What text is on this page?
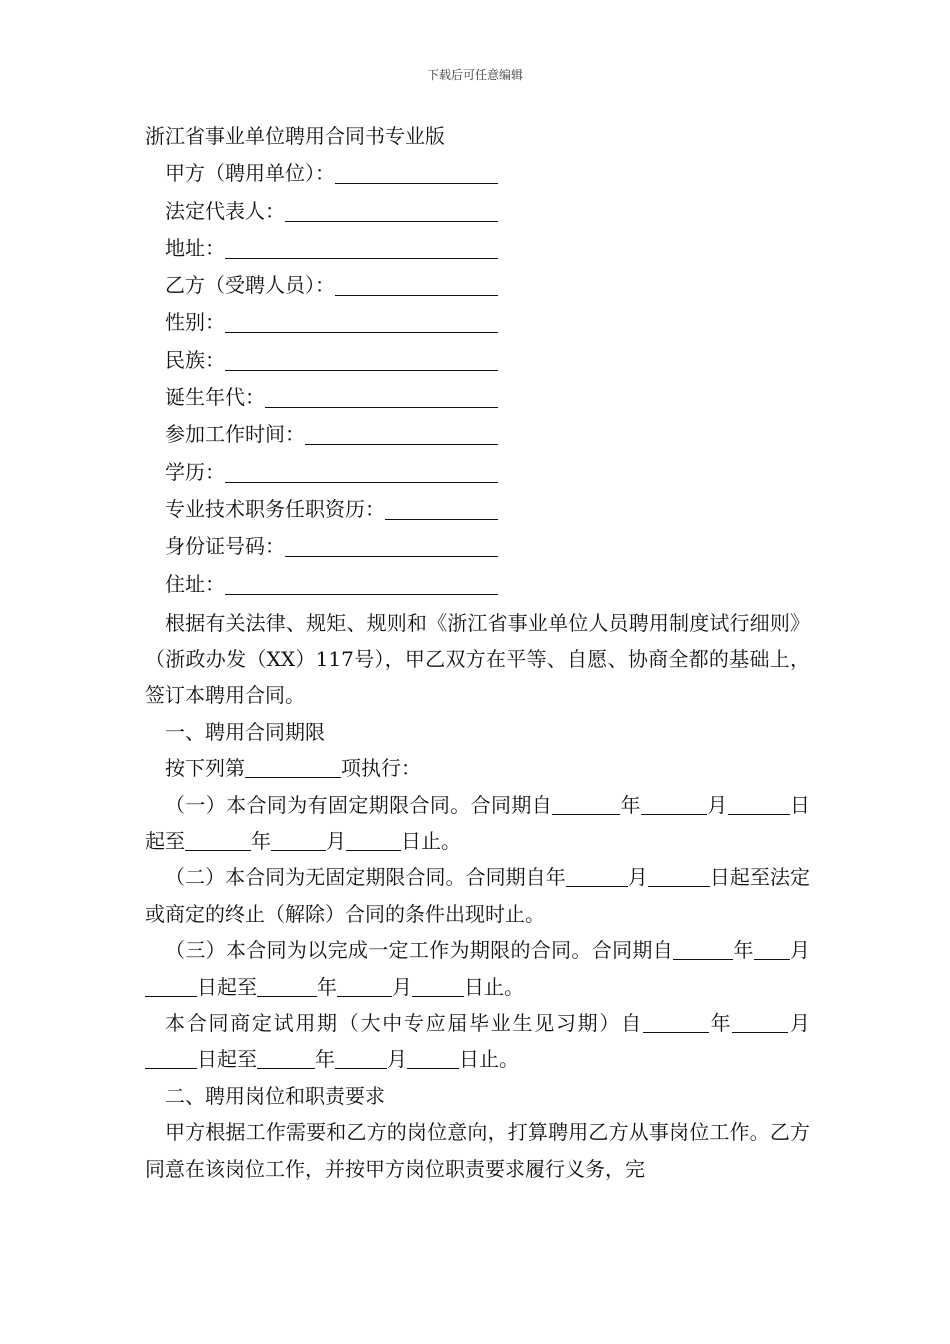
下载后可任意编辑
浙江省事业单位聘用合同书专业版
甲方（聘用单位）：
法定代表人：
地址：
乙方（受聘人员）：
性别：
民族：
诞生年代：
参加工作时间：
学历：
专业技术职务任职资历：
身份证号码：
住址：

根据有关法律、规矩、规则和《浙江省事业单位人员聘用制度试行细则》（浙政办发（XX）117号），甲乙双方在平等、自愿、协商全都的基础上，签订本聘用合同。

一、聘用合同期限

按下列第	项执行：

（一）本合同为有固定期限合同。合同期自	年	月	日起至	年	月	日止。

（二）本合同为无固定期限合同。合同期自年	月	日起至法定或商定的终止（解除）合同的条件出现时止。

（三）本合同为以完成一定工作为期限的合同。合同期自	年 月日起至	年	月	日止。

本合同商定试用期（大中专应届毕业生见习期）自	年	月日起至	年	月	日止。

二、聘用岗位和职责要求

甲方根据工作需要和乙方的岗位意向，打算聘用乙方从事岗位工作。乙方同意在该岗位工作，并按甲方岗位职责要求履行义务，完
